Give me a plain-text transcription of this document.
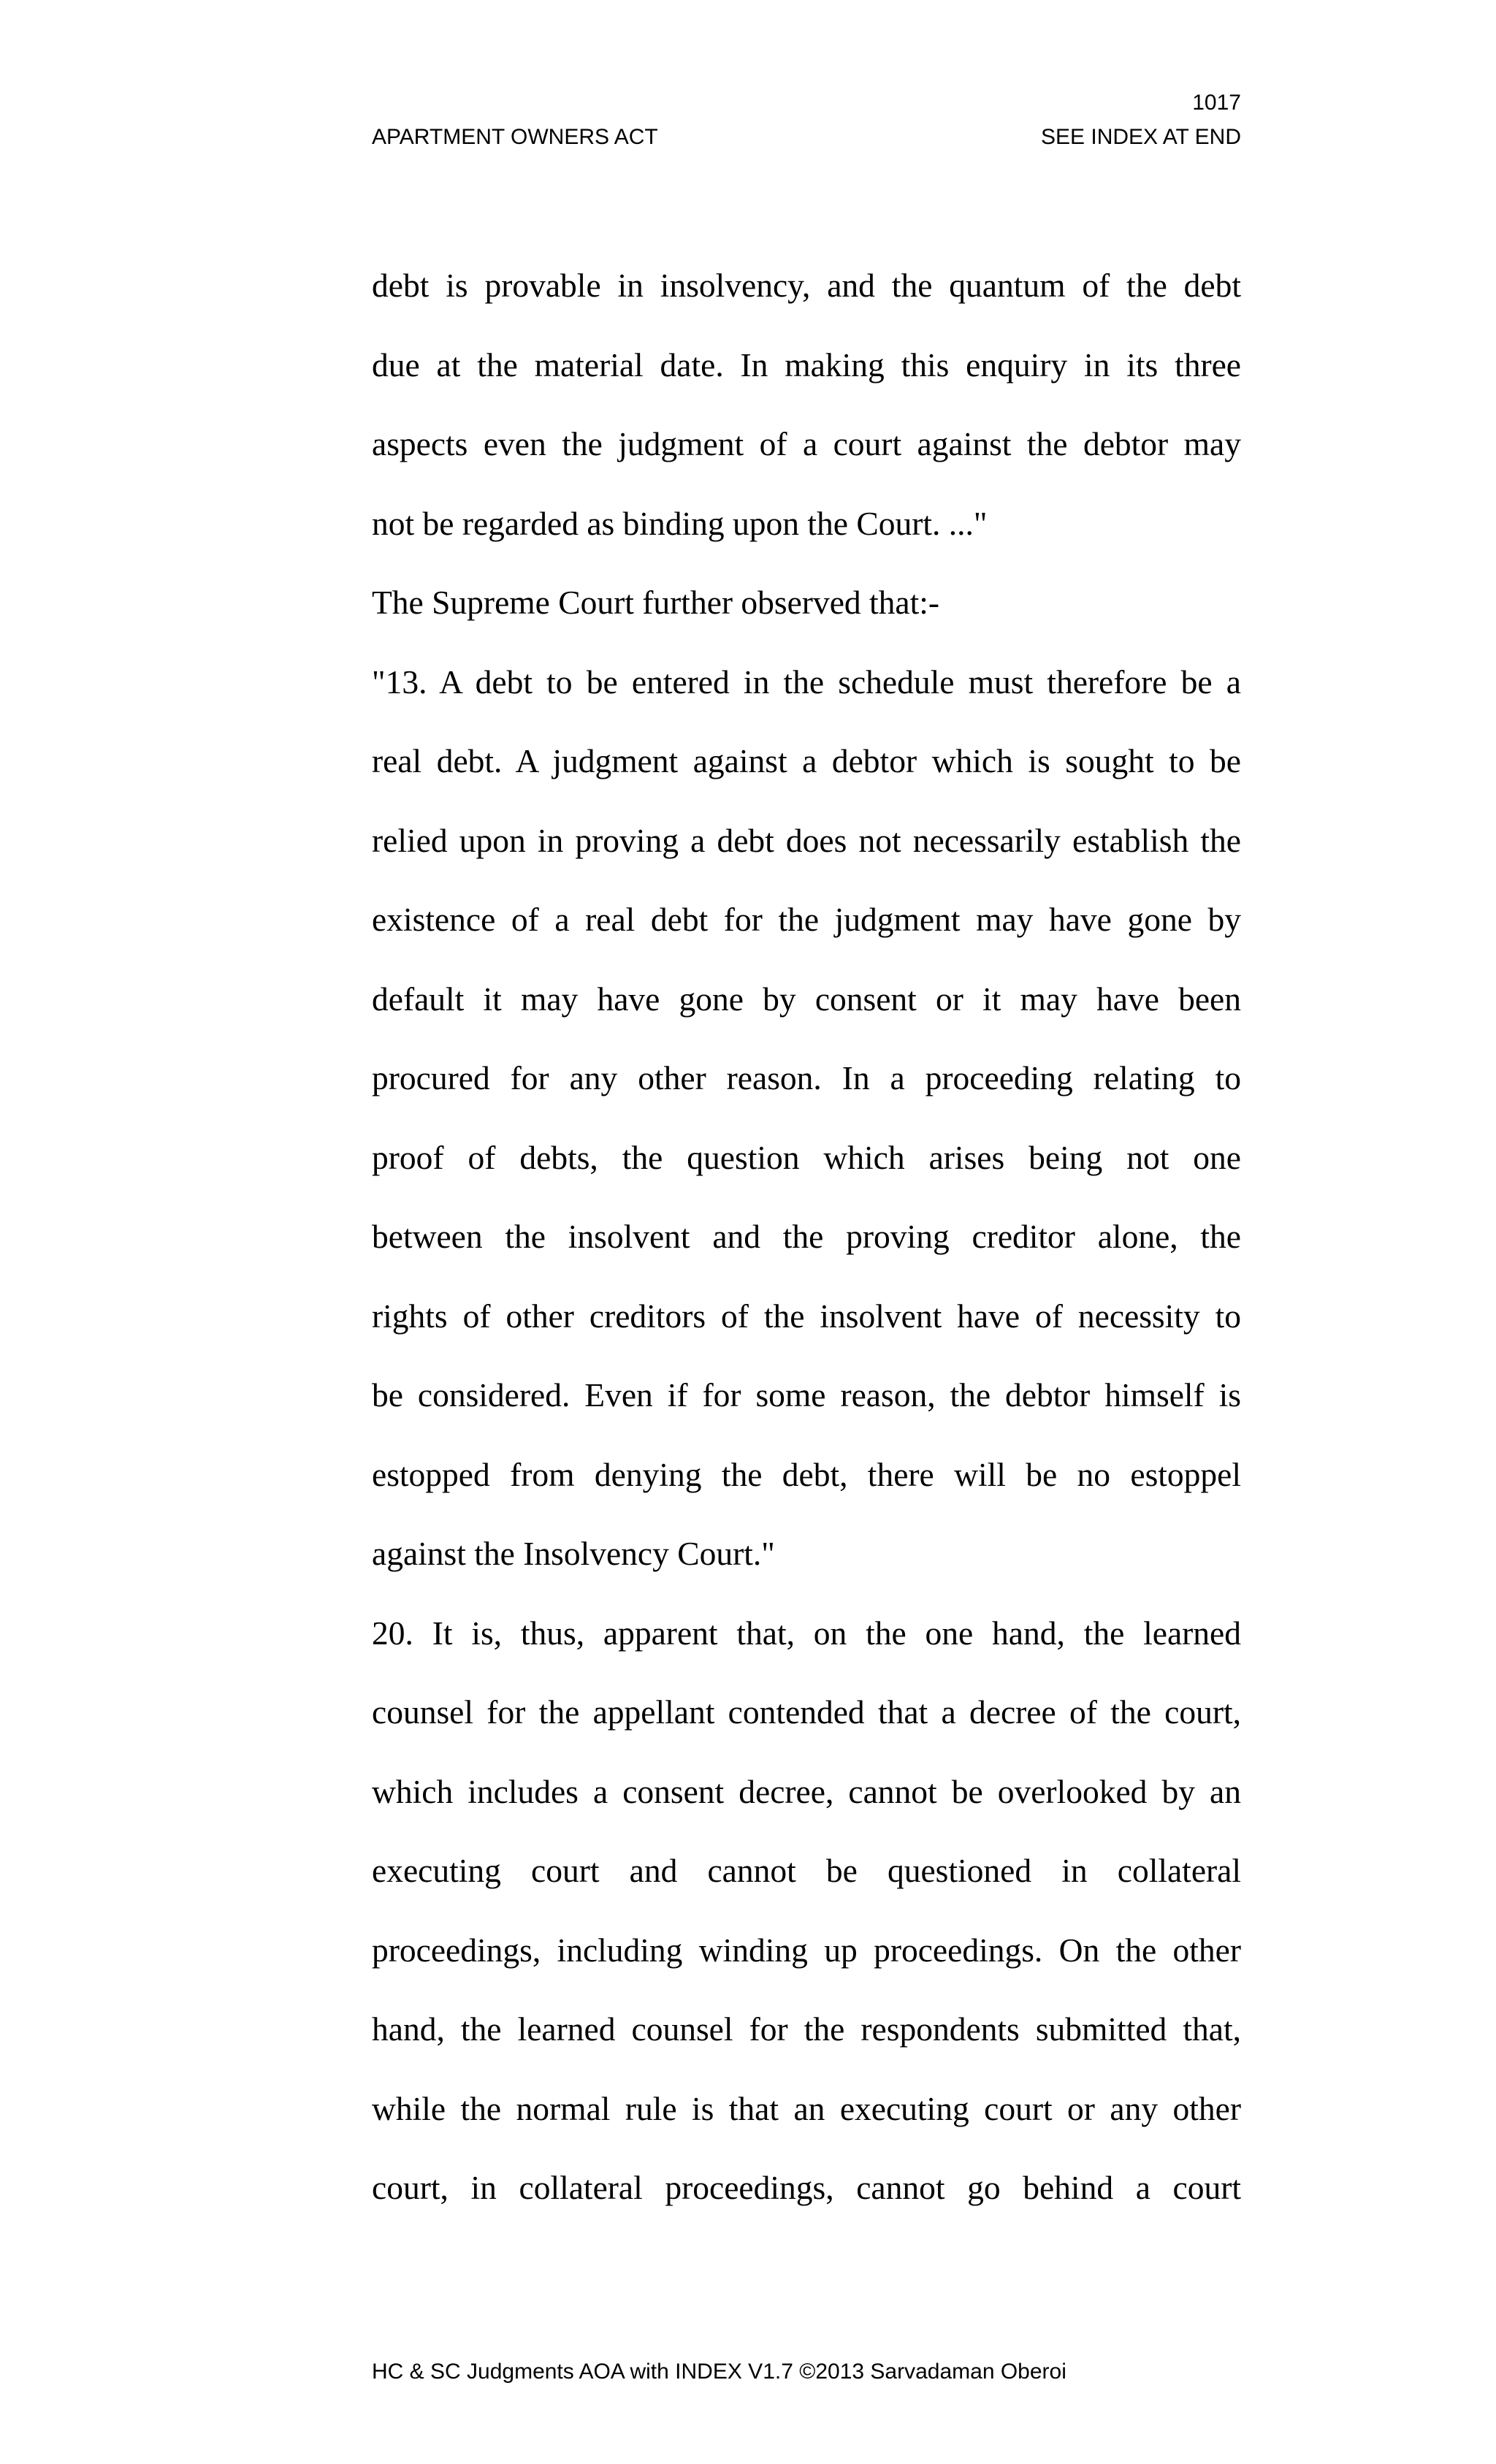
1017
APARTMENT OWNERS ACT	SEE INDEX AT END
debt is provable in insolvency, and the quantum of the debt
due at the material date. In making this enquiry in its three
aspects even the judgment of a court against the debtor may
not be regarded as binding upon the Court. ..."
The Supreme Court further observed that:-
"13. A debt to be entered in the schedule must therefore be a
real debt. A judgment against a debtor which is sought to be
relied upon in proving a debt does not necessarily establish the
existence of a real debt for the judgment may have gone by
default it may have gone by consent or it may have been
procured for any other reason. In a proceeding relating to
proof of debts, the question which arises being not one
between the insolvent and the proving creditor alone, the
rights of other creditors of the insolvent have of necessity to
be considered. Even if for some reason, the debtor himself is
estopped from denying the debt, there will be no estoppel
against the Insolvency Court."
20. It is, thus, apparent that, on the one hand, the learned
counsel for the appellant contended that a decree of the court,
which includes a consent decree, cannot be overlooked by an
executing court and cannot be questioned in collateral
proceedings, including winding up proceedings. On the other
hand, the learned counsel for the respondents submitted that,
while the normal rule is that an executing court or any other
court, in collateral proceedings, cannot go behind a court
HC & SC Judgments AOA with INDEX V1.7 ©2013 Sarvadaman Oberoi
